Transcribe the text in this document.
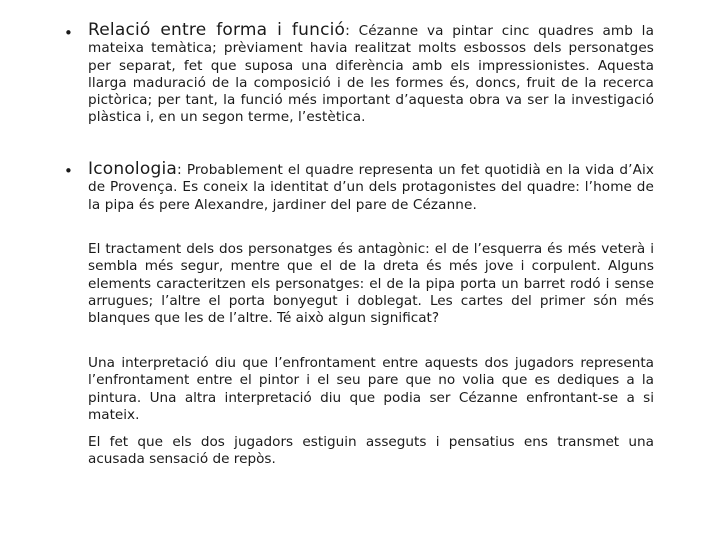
• Relació entre forma i funció: Cézanne va pintar cinc quadres amb la mateixa temàtica; prèviament havia realitzat molts esbossos dels personatges per separat, fet que suposa una diferència amb els impressionistes. Aquesta llarga maduració de la composició i de les formes és, doncs, fruit de la recerca pictòrica; per tant, la funció més important d’aquesta obra va ser la investigació plàstica i, en un segon terme, l’estètica.

• Iconologia: Probablement el quadre representa un fet quotidià en la vida d’Aix de Provença. Es coneix la identitat d’un dels protagonistes del quadre: l’home de la pipa és pere Alexandre, jardiner del pare de Cézanne.

El tractament dels dos personatges és antagònic: el de l’esquerra és més veterà i sembla més segur, mentre que el de la dreta és més jove i corpulent. Alguns elements caracteritzen els personatges: el de la pipa porta un barret rodó i sense arrugues; l’altre el porta bonyegut i doblegat. Les cartes del primer són més blanques que les de l’altre. Té això algun significat?

Una interpretació diu que l’enfrontament entre aquests dos jugadors representa l’enfrontament entre el pintor i el seu pare que no volia que es dediques a la pintura. Una altra interpretació diu que podia ser Cézanne enfrontant-se a si mateix.

El fet que els dos jugadors estiguin asseguts i pensatius ens transmet una acusada sensació de repòs.
